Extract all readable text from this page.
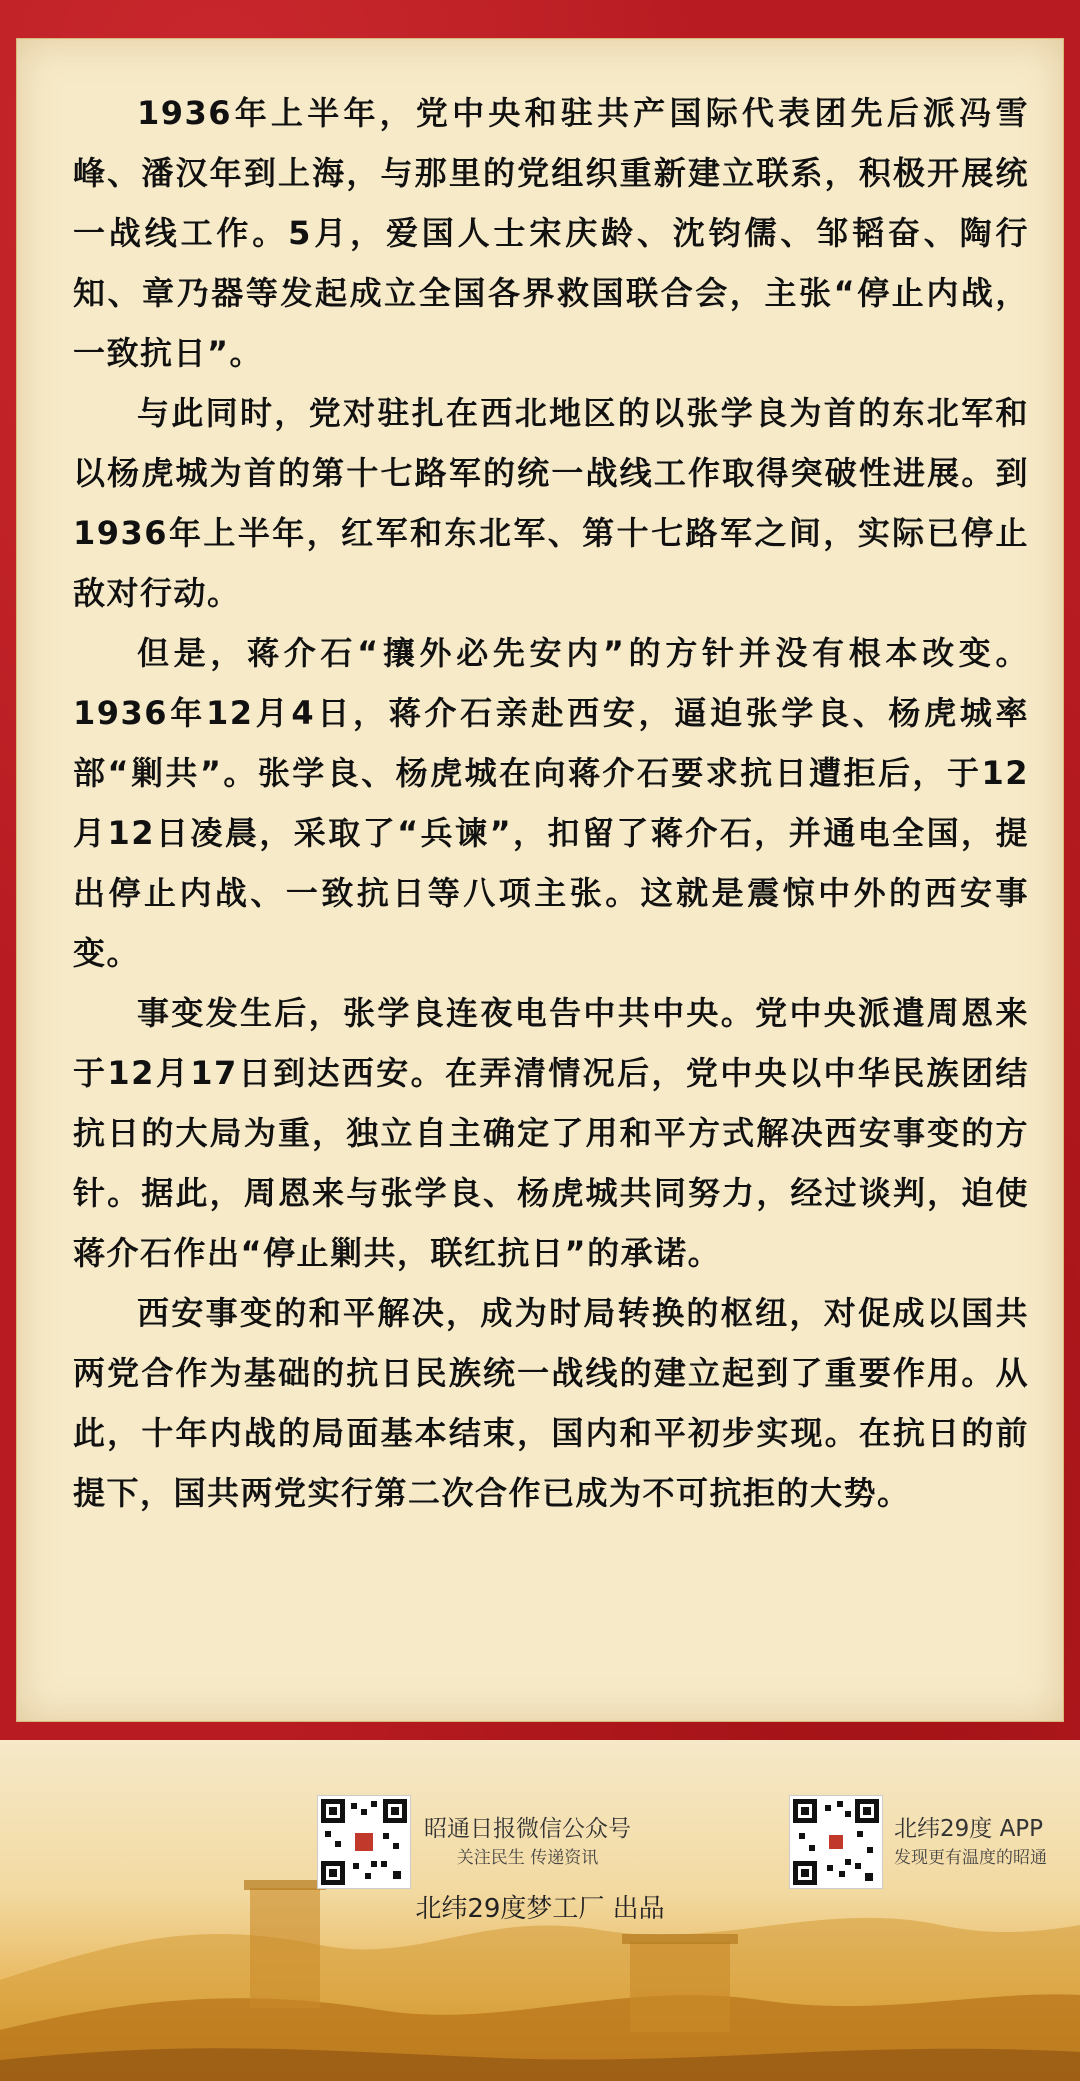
1936年上半年，党中央和驻共产国际代表团先后派冯雪峰、潘汉年到上海，与那里的党组织重新建立联系，积极开展统一战线工作。5月，爱国人士宋庆龄、沈钧儒、邹韬奋、陶行知、章乃器等发起成立全国各界救国联合会，主张“停止内战，一致抗日”。

与此同时，党对驻扎在西北地区的以张学良为首的东北军和以杨虎城为首的第十七路军的统一战线工作取得突破性进展。到1936年上半年，红军和东北军、第十七路军之间，实际已停止敌对行动。

但是，蒋介石“攘外必先安内”的方针并没有根本改变。1936年12月4日，蒋介石亲赴西安，逼迫张学良、杨虎城率部“剿共”。张学良、杨虎城在向蒋介石要求抗日遭拒后，于12月12日凌晨，采取了“兵谏”，扣留了蒋介石，并通电全国，提出停止内战、一致抗日等八项主张。这就是震惊中外的西安事变。

事变发生后，张学良连夜电告中共中央。党中央派遣周恩来于12月17日到达西安。在弄清情况后，党中央以中华民族团结抗日的大局为重，独立自主确定了用和平方式解决西安事变的方针。据此，周恩来与张学良、杨虎城共同努力，经过谈判，迫使蒋介石作出“停止剿共，联红抗日”的承诺。

西安事变的和平解决，成为时局转换的枢纽，对促成以国共两党合作为基础的抗日民族统一战线的建立起到了重要作用。从此，十年内战的局面基本结束，国内和平初步实现。在抗日的前提下，国共两党实行第二次合作已成为不可抗拒的大势。

昭通日报微信公众号
关注民生 传递资讯
北纬29度 APP
发现更有温度的昭通
北纬29度梦工厂 出品
